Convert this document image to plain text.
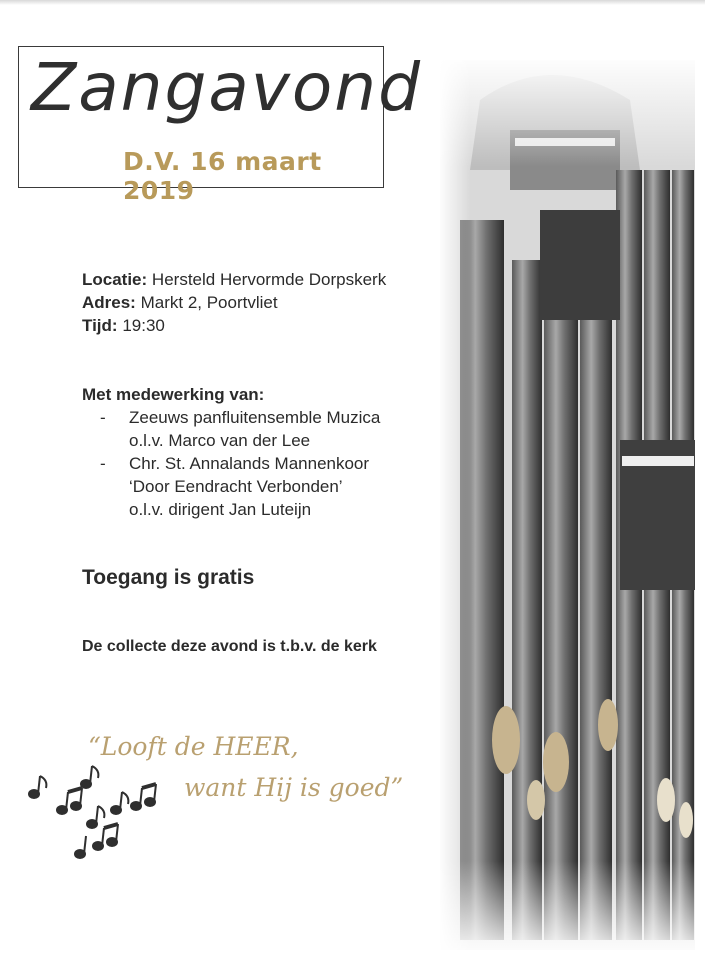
Zangavond
D.V. 16 maart 2019
Locatie: Hersteld Hervormde Dorpskerk
Adres: Markt 2, Poortvliet
Tijd: 19:30
Met medewerking van:
- Zeeuws panfluitensemble Muzica
o.l.v. Marco van der Lee
- Chr. St. Annalands Mannenkoor
‘Door Eendracht Verbonden’
o.l.v. dirigent Jan Luteijn
Toegang is gratis
De collecte deze avond is t.b.v. de kerk
“Looft de HEER,
want Hij is goed”
